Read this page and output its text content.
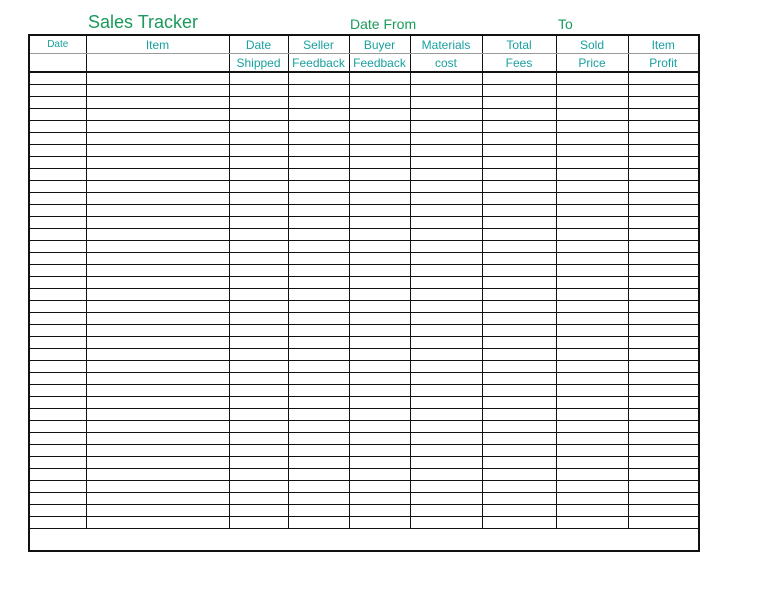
Sales Tracker	Date From	To
Date	Item	Date	Seller	Buyer	Materials	Total	Sold	Item
		Shipped	Feedback	Feedback	cost	Fees	Price	Profit
